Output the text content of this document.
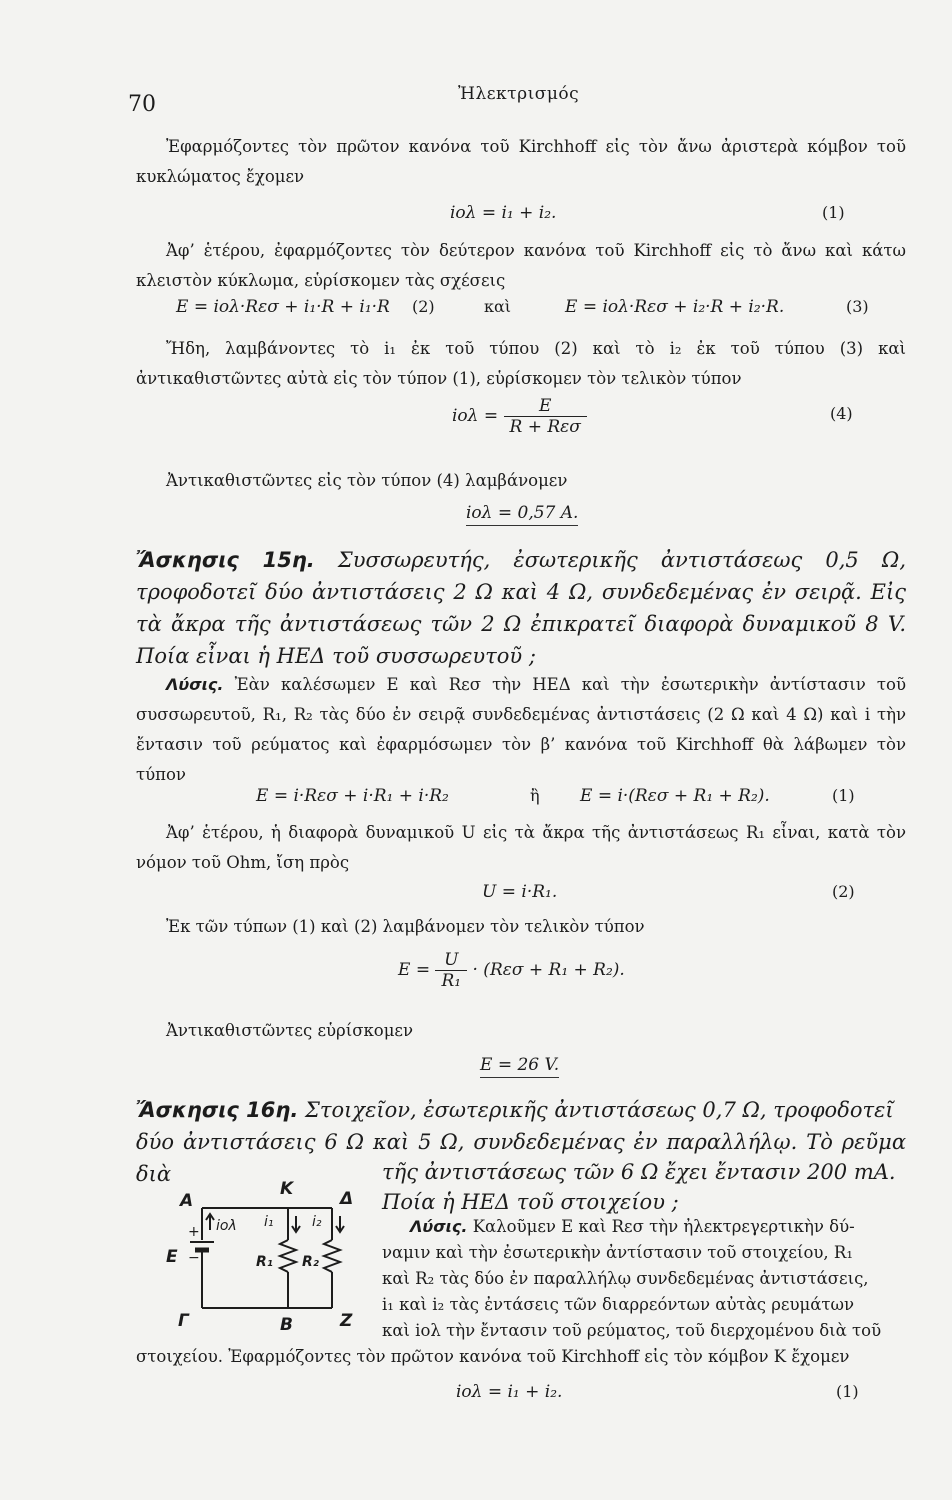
70	Ἠλεκτρισμός
Ἐφαρμόζοντες τὸν πρῶτον κανόνα τοῦ Kirchhoff εἰς τὸν ἄνω ἀριστερὰ κόμβον τοῦ κυκλώματος ἔχομεν
iολ = i₁ + i₂.	(1)
Ἀφ’ ἑτέρου, ἐφαρμόζοντες τὸν δεύτερον κανόνα τοῦ Kirchhoff εἰς τὸ ἄνω καὶ κάτω κλειστὸν κύκλωμα, εὑρίσκομεν τὰς σχέσεις
E = iολ·Rεσ + i₁·R + i₁·R (2)	καὶ	E = iολ·Rεσ + i₂·R + i₂·R.	(3)
Ἤδη, λαμβάνοντες τὸ i₁ ἐκ τοῦ τύπου (2) καὶ τὸ i₂ ἐκ τοῦ τύπου (3) καὶ ἀντικαθιστῶντες αὐτὰ εἰς τὸν τύπον (1), εὑρίσκομεν τὸν τελικὸν τύπον
$io\lambda = \frac{E}{\text{R + Rεσ}}$	(4)
Ἀντικαθιστῶντες εἰς τὸν τύπον (4) λαμβάνομεν
iολ = 0,57 A.
Ἄσκησις 15η. Συσσωρευτής, ἐσωτερικῆς ἀντιστάσεως 0,5 Ω, τροφοδοτεῖ δύο ἀντιστάσεις 2 Ω καὶ 4 Ω, συνδεδεμένας ἐν σειρᾷ. Εἰς τὰ ἄκρα τῆς ἀντιστάσεως τῶν 2 Ω ἐπικρατεῖ διαφορὰ δυναμικοῦ 8 V. Ποία εἶναι ἡ ΗΕΔ τοῦ συσσωρευτοῦ ;
Λύσις. Ἐὰν καλέσωμεν E καὶ Rεσ τὴν ΗΕΔ καὶ τὴν ἐσωτερικὴν ἀντίστασιν τοῦ συσσωρευτοῦ, R₁, R₂ τὰς δύο ἐν σειρᾷ συνδεδεμένας ἀντιστάσεις (2 Ω καὶ 4 Ω) καὶ i τὴν ἔντασιν τοῦ ρεύματος καὶ ἐφαρμόσωμεν τὸν β’ κανόνα τοῦ Kirchhoff θὰ λάβωμεν τὸν τύπον
E = i·Rεσ + i·R₁ + i·R₂	ἢ E = i·(Rεσ + R₁ + R₂).	(1)
Ἀφ’ ἑτέρου, ἡ διαφορὰ δυναμικοῦ U εἰς τὰ ἄκρα τῆς ἀντιστάσεως R₁ εἶναι, κατὰ τὸν νόμον τοῦ Ohm, ἴση πρὸς
U = i·R₁.	(2)
Ἐκ τῶν τύπων (1) καὶ (2) λαμβάνομεν τὸν τελικὸν τύπον
$E = \frac{U}{\text{R₁}} \cdot (R\varepsilon\sigma + R_1 + R_2)$.
Ἀντικαθιστῶντες εὑρίσκομεν
E = 26 V.
Ἄσκησις 16η. Στοιχεῖον, ἐσωτερικῆς ἀντιστάσεως 0,7 Ω, τροφοδοτεῖ
δύο ἀντιστάσεις 6 Ω καὶ 5 Ω, συνδεδεμένας ἐν παραλλήλῳ. Τὸ ρεῦμα διὰ	τῆς ἀντιστάσεως τῶν 6 Ω ἔχει ἔντασιν 200 mA.
Ποία ἡ ΗΕΔ τοῦ στοιχείου ;
Λύσις. Καλοῦμεν E καὶ Rεσ τὴν ἠλεκτρεγερτικὴν δύ-
ναμιν καὶ τὴν ἐσωτερικὴν ἀντίστασιν τοῦ στοιχείου, R₁
καὶ R₂ τὰς δύο ἐν παραλλήλῳ συνδεδεμένας ἀντιστάσεις,
i₁ καὶ i₂ τὰς ἐντάσεις τῶν διαρρεόντων αὐτὰς ρευμάτων
καὶ iολ τὴν ἔντασιν τοῦ ρεύματος, τοῦ διερχομένου διὰ τοῦ
στοιχείου. Ἐφαρμόζοντες τὸν πρῶτον κανόνα τοῦ Kirchhoff εἰς τὸν κόμβον K ἔχομεν
iολ = i₁ + i₂.	(1)
A
K	Δ
E
Γ	B	Z
iολ i₁	i₂
R₁ R₂
+
−
